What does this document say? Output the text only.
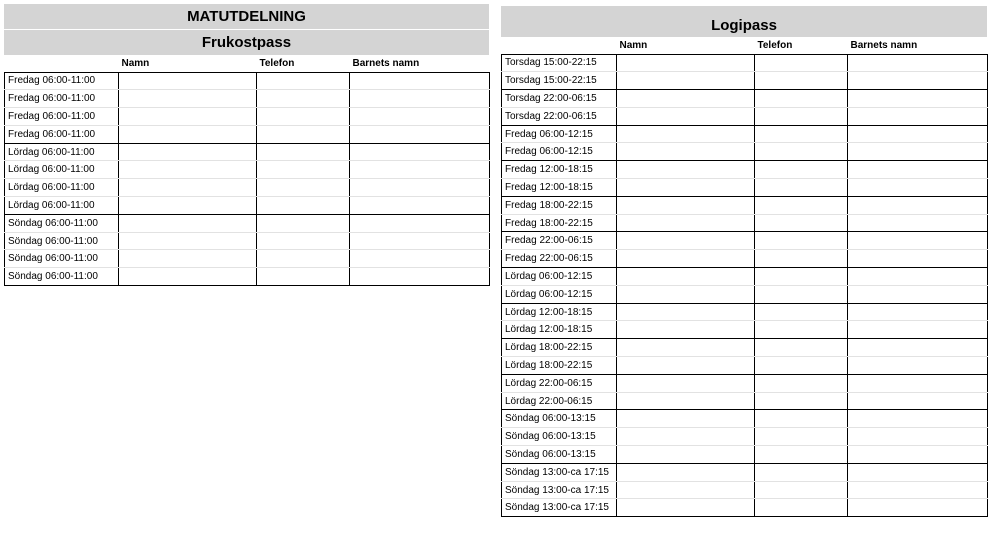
MATUTDELNING
Frukostpass
	Namn	Telefon	Barnets namn
Fredag 06:00-11:00			
Fredag 06:00-11:00			
Fredag 06:00-11:00			
Fredag 06:00-11:00			
Lördag 06:00-11:00			
Lördag 06:00-11:00			
Lördag 06:00-11:00			
Lördag 06:00-11:00			
Söndag 06:00-11:00			
Söndag 06:00-11:00			
Söndag 06:00-11:00			
Söndag 06:00-11:00			
Logipass
	Namn	Telefon	Barnets namn
Torsdag 15:00-22:15			
Torsdag 15:00-22:15			
Torsdag 22:00-06:15			
Torsdag 22:00-06:15			
Fredag 06:00-12:15			
Fredag 06:00-12:15			
Fredag 12:00-18:15			
Fredag 12:00-18:15			
Fredag 18:00-22:15			
Fredag 18:00-22:15			
Fredag 22:00-06:15			
Fredag 22:00-06:15			
Lördag 06:00-12:15			
Lördag 06:00-12:15			
Lördag 12:00-18:15			
Lördag 12:00-18:15			
Lördag 18:00-22:15			
Lördag 18:00-22:15			
Lördag 22:00-06:15			
Lördag 22:00-06:15			
Söndag 06:00-13:15			
Söndag 06:00-13:15			
Söndag 06:00-13:15			
Söndag 13:00-ca 17:15			
Söndag 13:00-ca 17:15			
Söndag 13:00-ca 17:15			
